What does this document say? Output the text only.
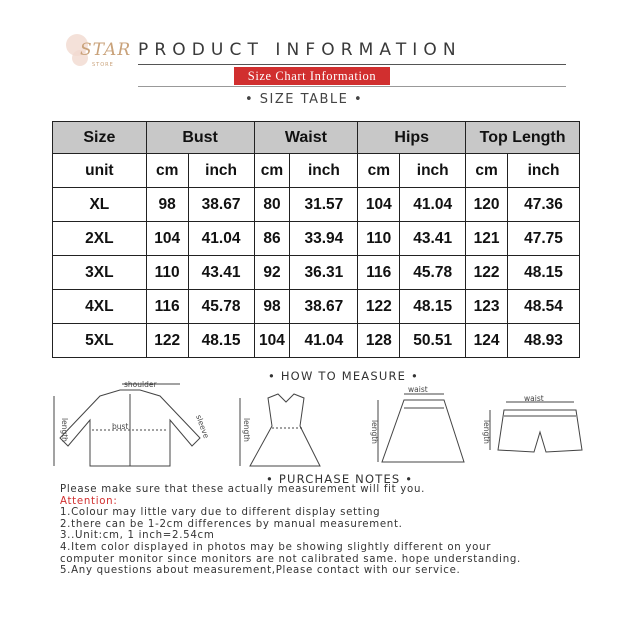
STAR
STORE
PRODUCT INFORMATION
Size Chart Information
• SIZE TABLE •
Size	Bust		Waist		Hips		Top Length	
unit	cm	inch	cm	inch	cm	inch	cm	inch
XL	98	38.67	80	31.57	104	41.04	120	47.36
2XL	104	41.04	86	33.94	110	43.41	121	47.75
3XL	110	43.41	92	36.31	116	45.78	122	48.15
4XL	116	45.78	98	38.67	122	48.15	123	48.54
5XL	122	48.15	104	41.04	128	50.51	124	48.93
• HOW TO MEASURE •
shoulder
length	bust	sleeve	length
waist
length
waist
length
• PURCHASE NOTES •
Please make sure that these actually measurement will fit you.
Attention:
1.Colour may little vary due to different display setting
2.there can be 1-2cm differences by manual measurement.
3..Unit:cm, 1 inch=2.54cm
4.Item color displayed in photos may be showing slightly different on your
computer monitor since monitors are not calibrated same. hope understanding.
5.Any questions about measurement,Please contact with our service.
